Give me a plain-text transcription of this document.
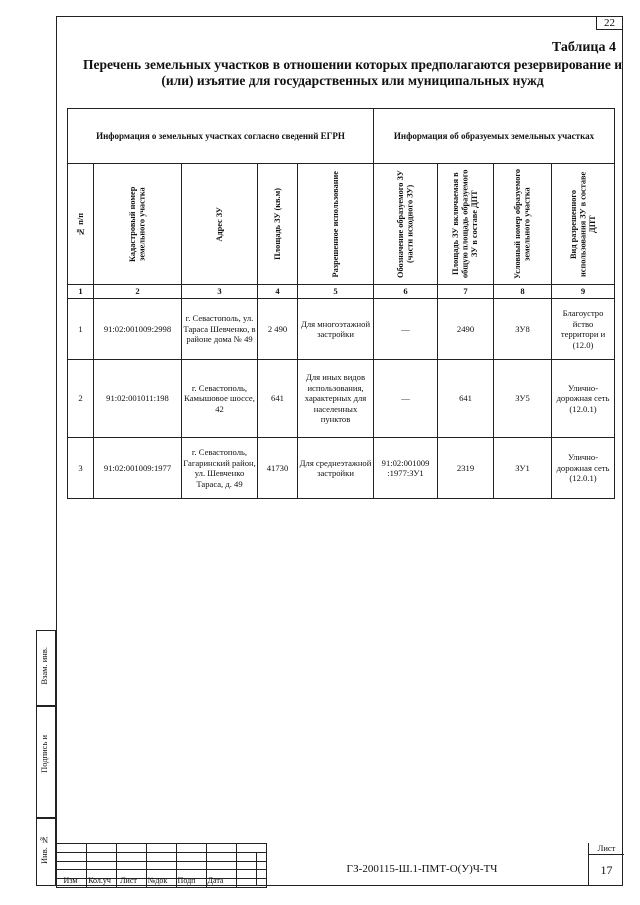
22
Таблица 4
Перечень земельных участков в отношении которых предполагаются резервирование и (или) изъятие для государственных или муниципальных нужд
Информация о земельных участках согласно сведений ЕГРН					Информация об образуемых земельных участках			

№ п/п	Кадастровый номер земельного участка	Адрес ЗУ	Площадь ЗУ (кв.м)	Разрешенное использование	Обозначение образуемого ЗУ (части исходного ЗУ)	Площадь ЗУ включаемая в общую площадь образуемого ЗУ в составе ДПТ	Условный номер образуемого земельного участка	Вид разрешенного использования ЗУ в составе ДПТ

1	2	3	4	5	6	7	8	9
1	91:02:001009:2998	г. Севастополь, ул. Тараса Шевченко, в районе дома № 49	2 490	Для многоэтажной застройки	—	2490	ЗУ8	Благоустро йство территори и (12.0)
2	91:02:001011:198	г. Севастополь, Камышовое шоссе, 42	641	Для иных видов использования, характерных для населенных пунктов	—	641	ЗУ5	Улично-дорожная сеть (12.0.1)
3	91:02:001009:1977	г. Севастополь, Гагаринский район, ул. Шевченко Тараса, д. 49	41730	Для среднеэтажной застройки	91:02:001009 :1977:ЗУ1	2319	ЗУ1	Улично-дорожная сеть (12.0.1)
Взам. инв.
Подпись и
Инв. №

Изм	Кол.уч	Лист	№док	Подп	Дата
ГЗ-200115-Ш.1-ПМТ-О(У)Ч-ТЧ
Лист
17
